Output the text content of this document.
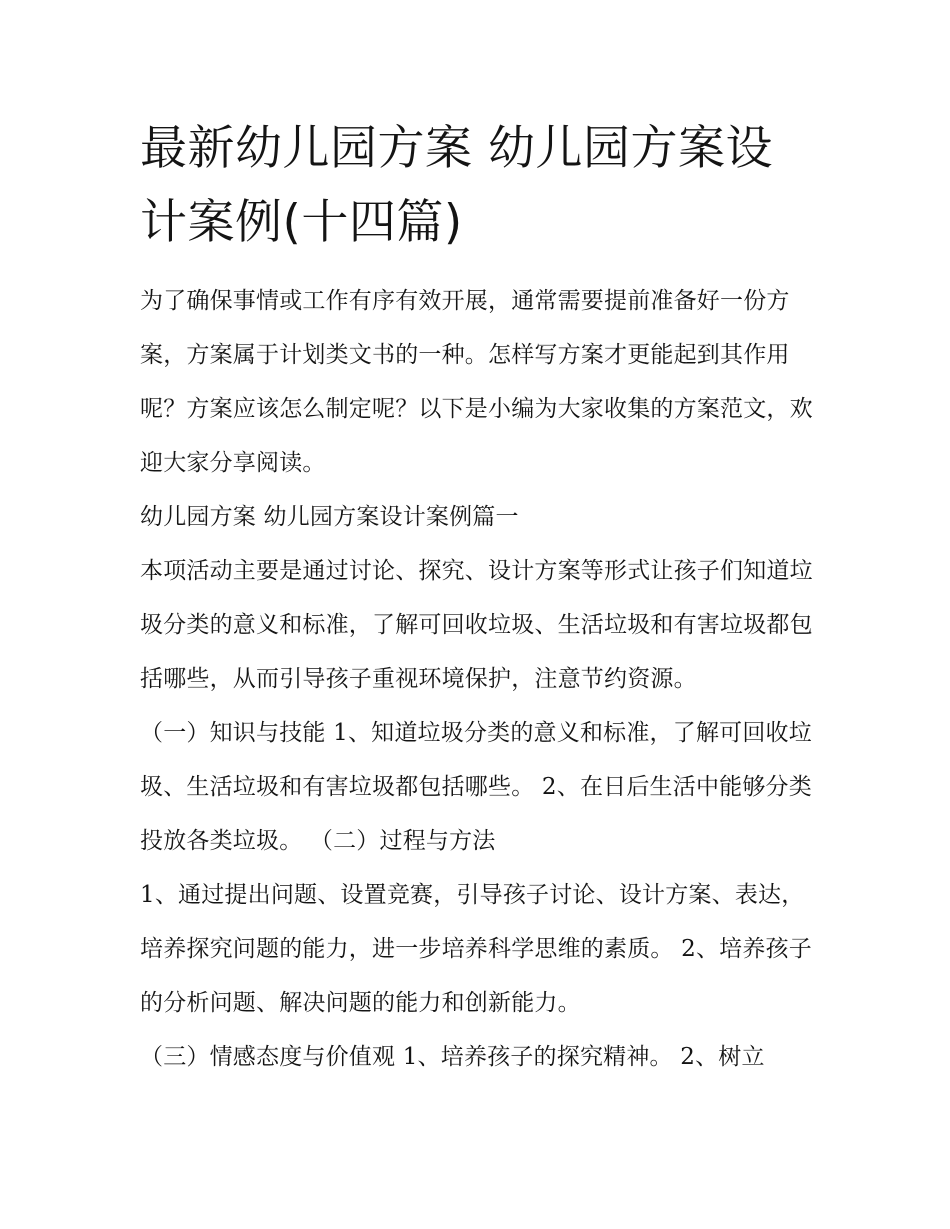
最新幼儿园方案 幼儿园方案设计案例(十四篇)

为了确保事情或工作有序有效开展，通常需要提前准备好一份方案，方案属于计划类文书的一种。怎样写方案才更能起到其作用呢？方案应该怎么制定呢？以下是小编为大家收集的方案范文，欢迎大家分享阅读。

幼儿园方案 幼儿园方案设计案例篇一

本项活动主要是通过讨论、探究、设计方案等形式让孩子们知道垃圾分类的意义和标准，了解可回收垃圾、生活垃圾和有害垃圾都包括哪些，从而引导孩子重视环境保护，注意节约资源。

（一）知识与技能 1、知道垃圾分类的意义和标准，了解可回收垃圾、生活垃圾和有害垃圾都包括哪些。 2、在日后生活中能够分类投放各类垃圾。 （二）过程与方法

1、通过提出问题、设置竞赛，引导孩子讨论、设计方案、表达，培养探究问题的能力，进一步培养科学思维的素质。 2、培养孩子的分析问题、解决问题的能力和创新能力。

（三）情感态度与价值观 1、培养孩子的探究精神。 2、树立
